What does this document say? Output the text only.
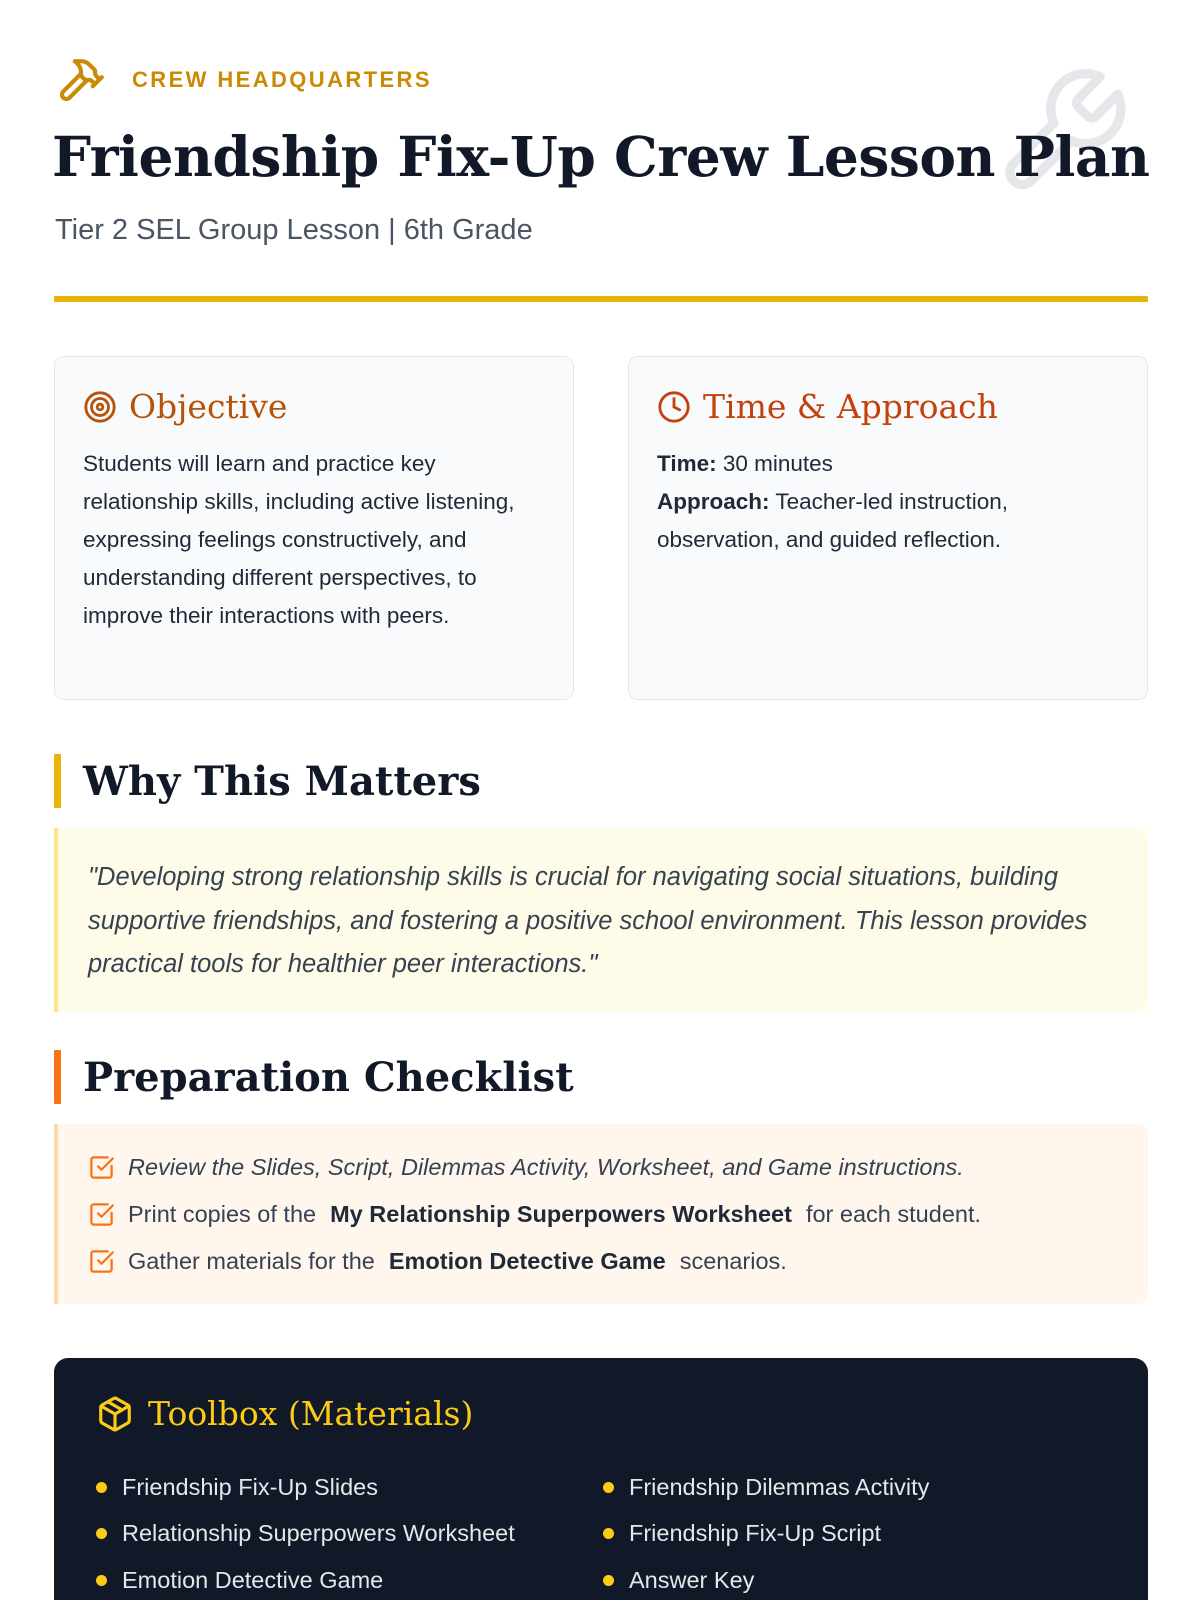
CREW HEADQUARTERS
Friendship Fix-Up Crew Lesson Plan
Tier 2 SEL Group Lesson | 6th Grade
Objective

Students will learn and practice key relationship skills, including active listening, expressing feelings constructively, and understanding different perspectives, to improve their interactions with peers.

Time & Approach
Time: 30 minutes
Approach: Teacher-led instruction, observation, and guided reflection.
Why This Matters
"Developing strong relationship skills is crucial for navigating social situations, building supportive friendships, and fostering a positive school environment. This lesson provides practical tools for healthier peer interactions."
Preparation Checklist
Review the Slides, Script, Dilemmas Activity, Worksheet, and Game instructions.
Print copies of the My Relationship Superpowers Worksheet for each student.
Gather materials for the Emotion Detective Game scenarios.
Toolbox (Materials)
Friendship Fix-Up Slides	Friendship Dilemmas Activity
Relationship Superpowers Worksheet	Friendship Fix-Up Script
Emotion Detective Game	Answer Key
